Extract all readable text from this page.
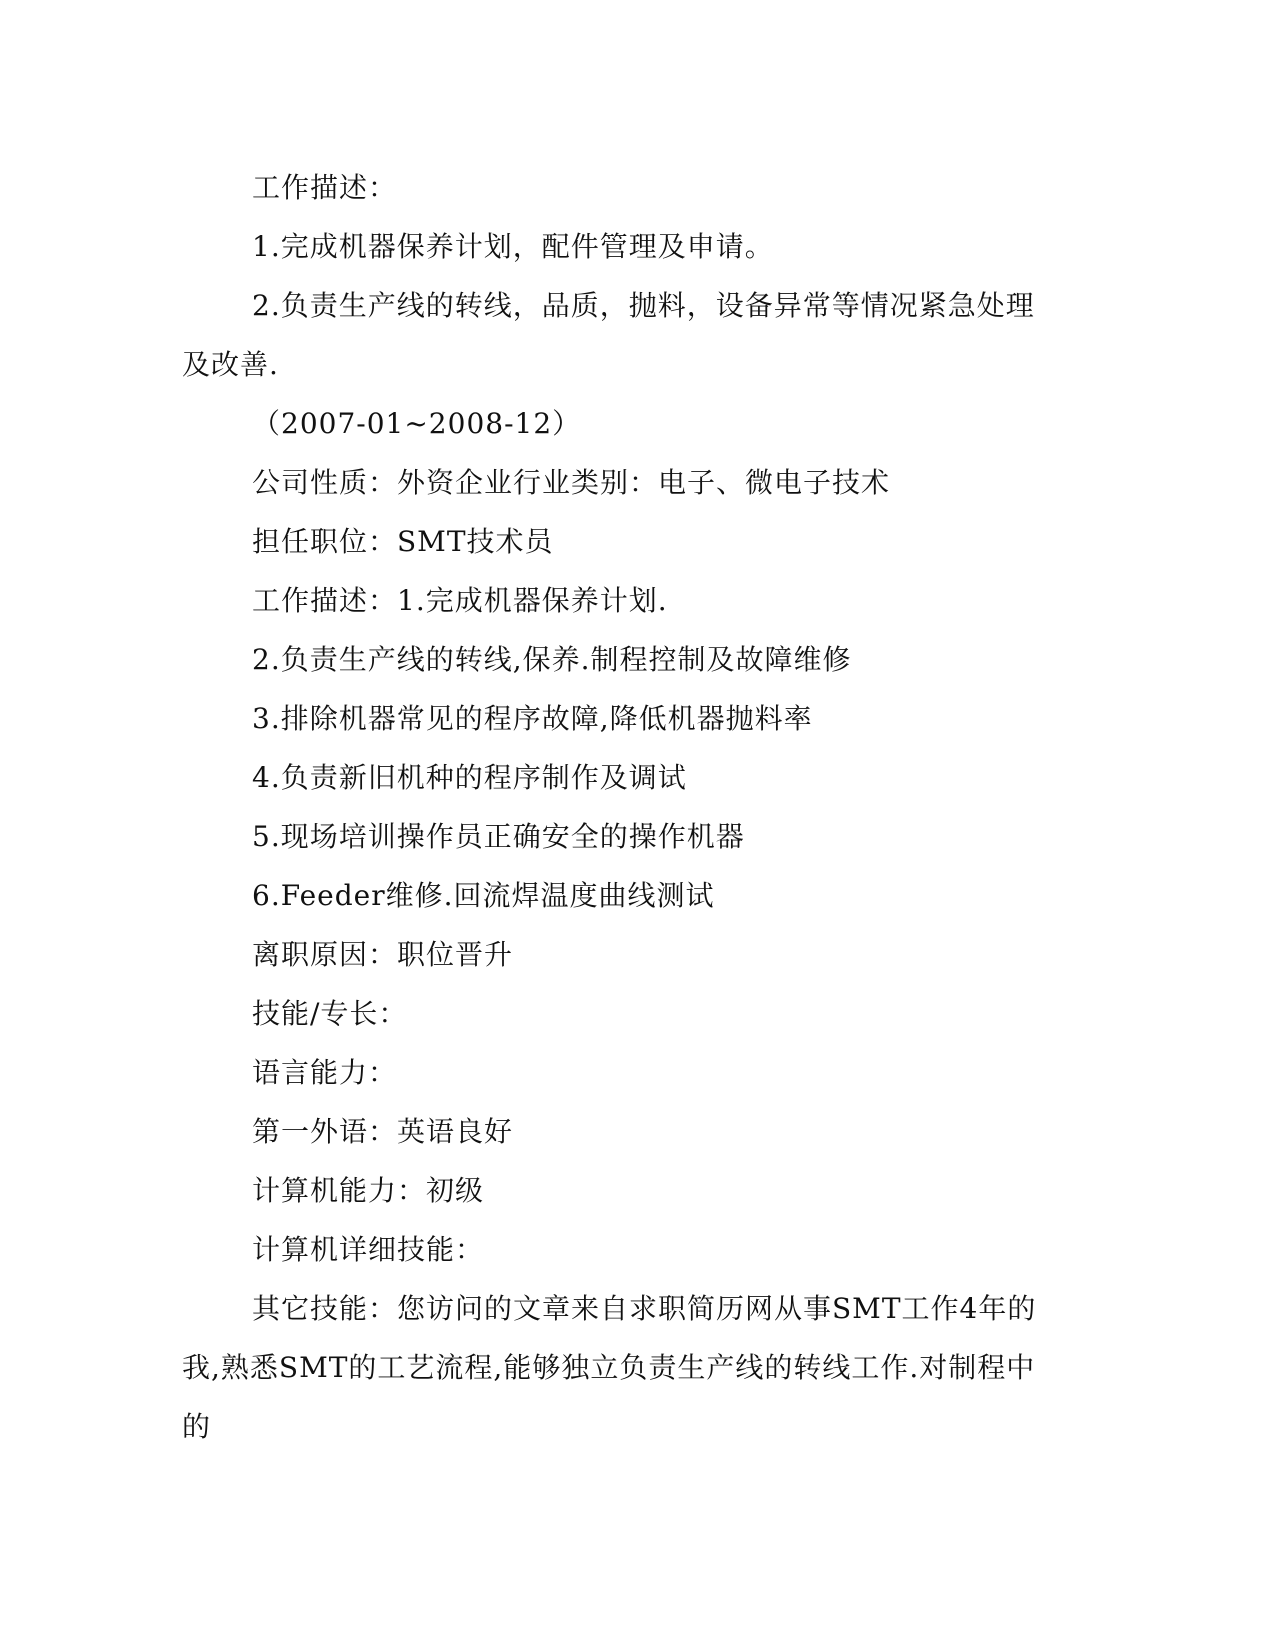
工作描述：

1.完成机器保养计划，配件管理及申请。

2.负责生产线的转线，品质，抛料，设备异常等情况紧急处理及改善.

（2007-01~2008-12）

公司性质：外资企业行业类别：电子、微电子技术

担任职位：SMT技术员

工作描述：1.完成机器保养计划.

2.负责生产线的转线,保养.制程控制及故障维修

3.排除机器常见的程序故障,降低机器抛料率

4.负责新旧机种的程序制作及调试

5.现场培训操作员正确安全的操作机器

6.Feeder维修.回流焊温度曲线测试

离职原因：职位晋升

技能/专长：

语言能力：

第一外语：英语良好

计算机能力：初级

计算机详细技能：

其它技能：您访问的文章来自求职简历网从事SMT工作4年的我,熟悉SMT的工艺流程,能够独立负责生产线的转线工作.对制程中的
